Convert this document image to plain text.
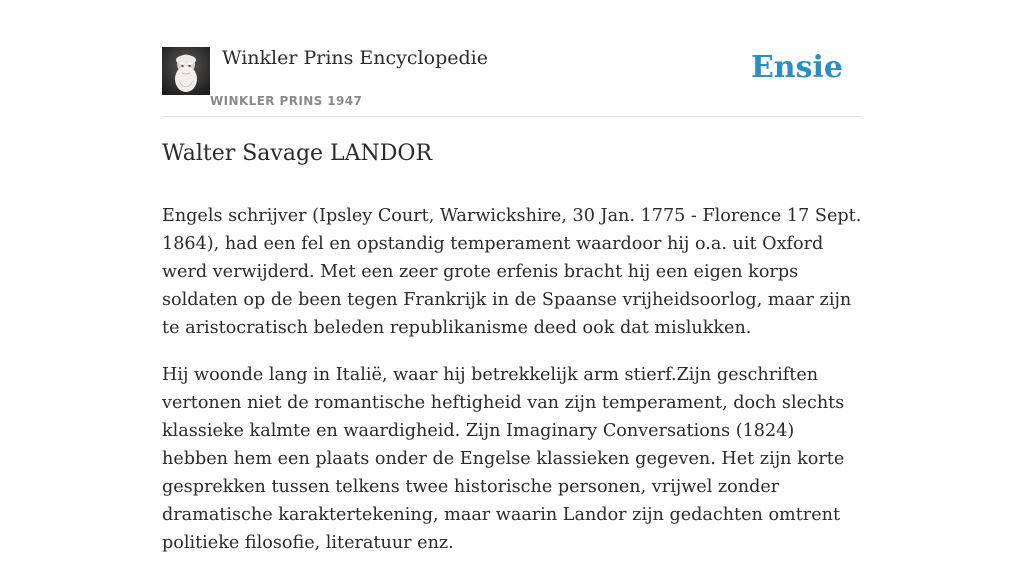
Winkler Prins Encyclopedie
WINKLER PRINS 1947
Ensie
Walter Savage LANDOR

Engels schrijver (Ipsley Court, Warwickshire, 30 Jan. 1775 - Florence 17 Sept. 1864), had een fel en opstandig temperament waardoor hij o.a. uit Oxford werd verwijderd. Met een zeer grote erfenis bracht hij een eigen korps soldaten op de been tegen Frankrijk in de Spaanse vrijheidsoorlog, maar zijn te aristocratisch beleden republikanisme deed ook dat mislukken.

Hij woonde lang in Italië, waar hij betrekkelijk arm stierf.Zijn geschriften vertonen niet de romantische heftigheid van zijn temperament, doch slechts klassieke kalmte en waardigheid. Zijn Imaginary Conversations (1824) hebben hem een plaats onder de Engelse klassieken gegeven. Het zijn korte gesprekken tussen telkens twee historische personen, vrijwel zonder dramatische karaktertekening, maar waarin Landor zijn gedachten omtrent politieke filosofie, literatuur enz.
